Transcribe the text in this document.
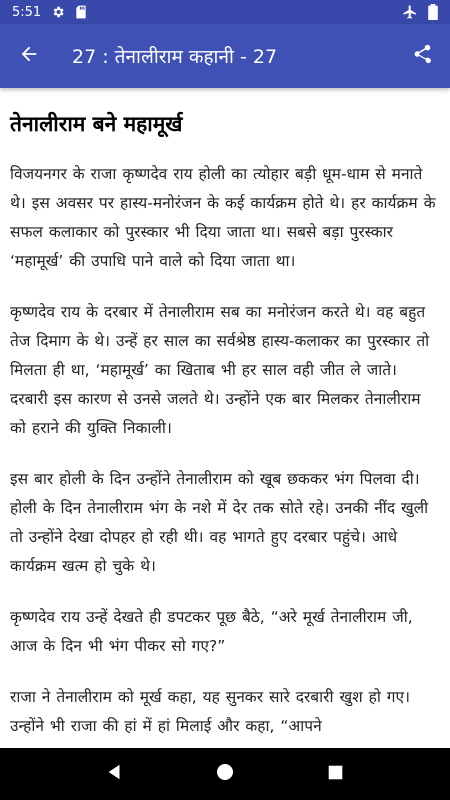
5:51
27 : तेनालीराम कहानी - 27
तेनालीराम बने महामूर्ख

विजयनगर के राजा कृष्णदेव राय होली का त्योहार बड़ी धूम-धाम से मनाते थे। इस अवसर पर हास्य-मनोरंजन के कई कार्यक्रम होते थे। हर कार्यक्रम के सफल कलाकार को पुरस्कार भी दिया जाता था। सबसे बड़ा पुरस्कार ‘महामूर्ख’ की उपाधि पाने वाले को दिया जाता था।

कृष्णदेव राय के दरबार में तेनालीराम सब का मनोरंजन करते थे। वह बहुत तेज दिमाग के थे। उन्हें हर साल का सर्वश्रेष्ठ हास्य-कलाकर का पुरस्कार तो मिलता ही था, ‘महामूर्ख’ का खिताब भी हर साल वही जीत ले जाते। दरबारी इस कारण से उनसे जलते थे। उन्होंने एक बार मिलकर तेनालीराम को हराने की युक्ति निकाली।

इस बार होली के दिन उन्होंने तेनालीराम को खूब छककर भंग पिलवा दी। होली के दिन तेनालीराम भंग के नशे में देर तक सोते रहे। उनकी नींद खुली तो उन्होंने देखा दोपहर हो रही थी। वह भागते हुए दरबार पहुंचे। आधे कार्यक्रम खत्म हो चुके थे।

कृष्णदेव राय उन्हें देखते ही डपटकर पूछ बैठे, “अरे मूर्ख तेनालीराम जी, आज के दिन भी भंग पीकर सो गए?”

राजा ने तेनालीराम को मूर्ख कहा, यह सुनकर सारे दरबारी खुश हो गए। उन्होंने भी राजा की हां में हां मिलाई और कहा, “आपने
